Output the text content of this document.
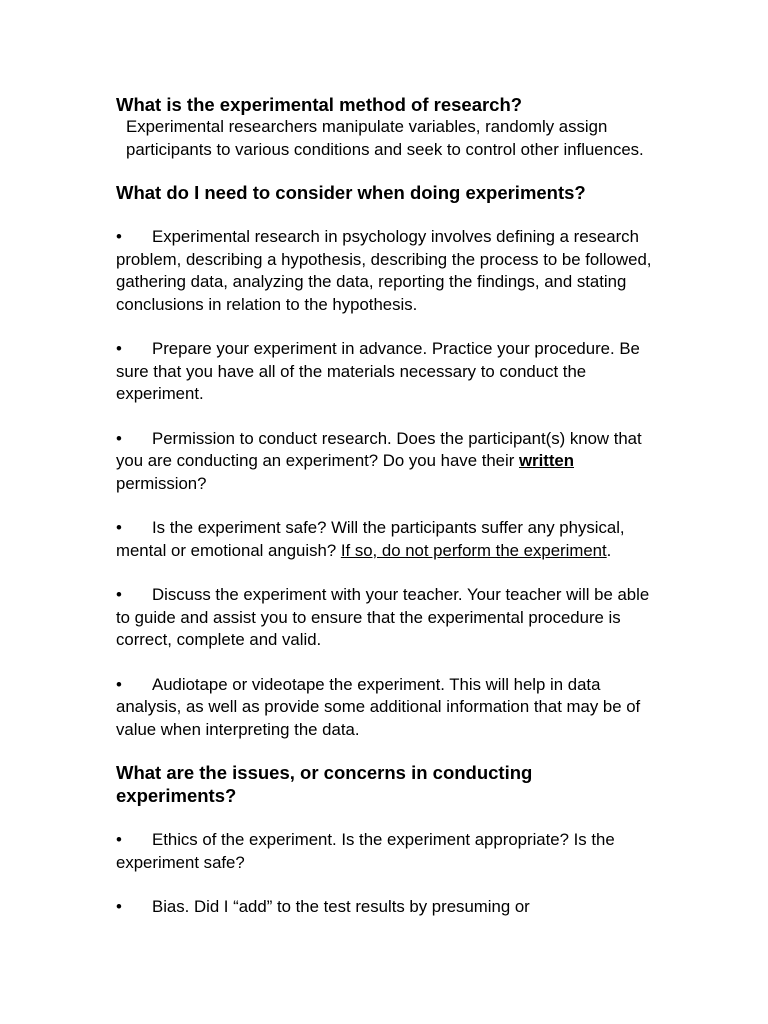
What is the experimental method of research?

Experimental researchers manipulate variables, randomly assign participants to various conditions and seek to control other influences.

What do I need to consider when doing experiments?

• Experimental research in psychology involves defining a research problem, describing a hypothesis, describing the process to be followed, gathering data, analyzing the data, reporting the findings, and stating conclusions in relation to the hypothesis.

• Prepare your experiment in advance. Practice your procedure. Be sure that you have all of the materials necessary to conduct the experiment.

• Permission to conduct research. Does the participant(s) know that you are conducting an experiment? Do you have their written permission?

• Is the experiment safe? Will the participants suffer any physical, mental or emotional anguish? If so, do not perform the experiment.

• Discuss the experiment with your teacher. Your teacher will be able to guide and assist you to ensure that the experimental procedure is correct, complete and valid.

• Audiotape or videotape the experiment. This will help in data analysis, as well as provide some additional information that may be of value when interpreting the data.

What are the issues, or concerns in conducting experiments?

• Ethics of the experiment. Is the experiment appropriate? Is the experiment safe?

• Bias. Did I “add” to the test results by presuming or
